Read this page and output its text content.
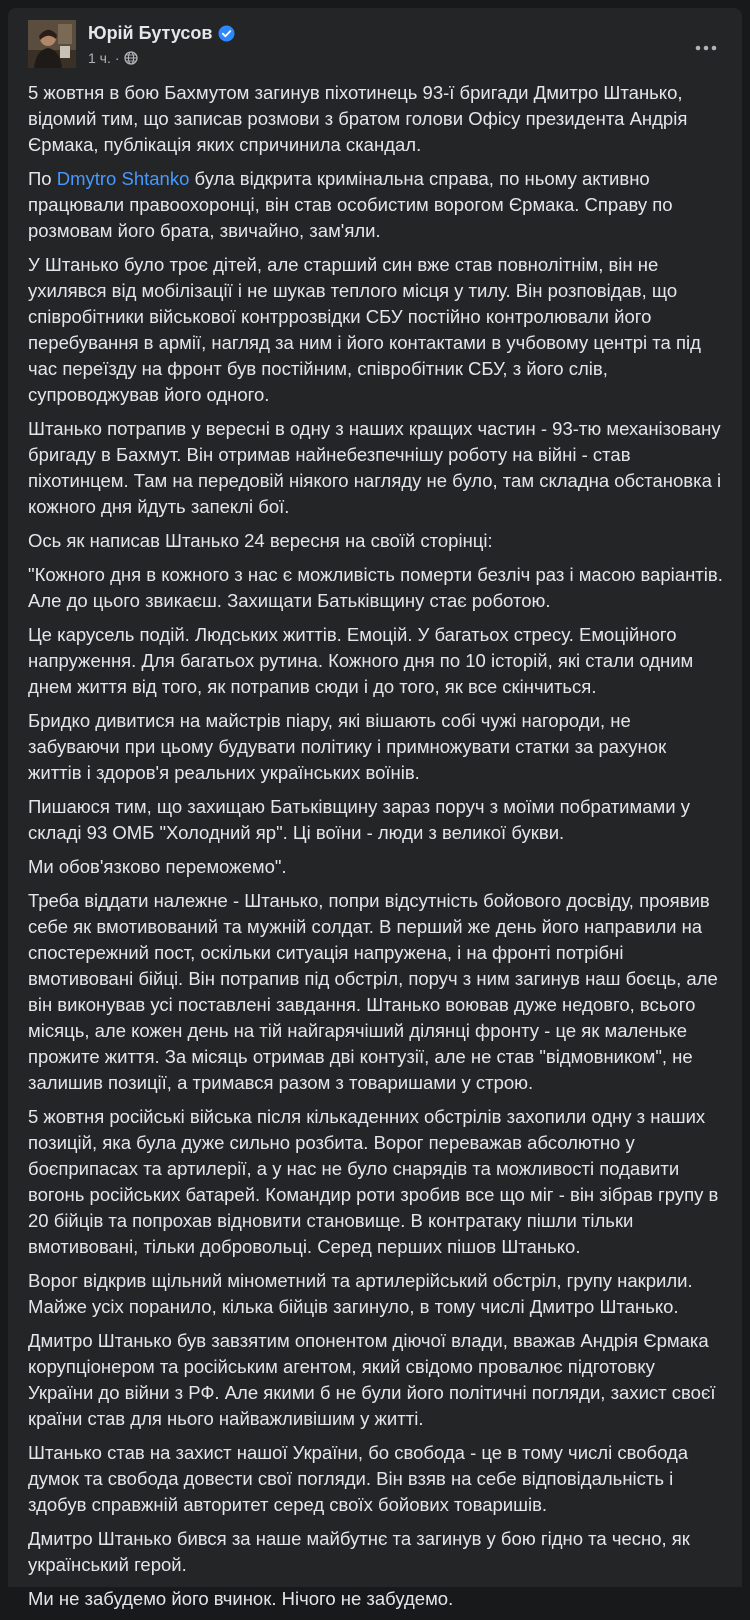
Юрій Бутусов
1 ч. ·

5 жовтня в бою Бахмутом загинув піхотинець 93-ї бригади Дмитро Штанько, відомий тим, що записав розмови з братом голови Офісу президента Андрія Єрмака, публікація яких спричинила скандал.

По Dmytro Shtanko була відкрита кримінальна справа, по ньому активно працювали правоохоронці, він став особистим ворогом Єрмака. Справу по розмовам його брата, звичайно, зам'яли.

У Штанько було троє дітей, але старший син вже став повнолітнім, він не ухилявся від мобілізації і не шукав теплого місця у тилу. Він розповідав, що співробітники військової контррозвідки СБУ постійно контролювали його перебування в армії, нагляд за ним і його контактами в учбовому центрі та під час переїзду на фронт був постійним, співробітник СБУ, з його слів, супроводжував його одного.

Штанько потрапив у вересні в одну з наших кращих частин - 93-тю механізовану бригаду в Бахмут. Він отримав найнебезпечнішу роботу на війні - став піхотинцем. Там на передовій ніякого нагляду не було, там складна обстановка і кожного дня йдуть запеклі бої.

Ось як написав Штанько 24 вересня на своїй сторінці:

"Кожного дня в кожного з нас є можливість померти безліч раз і масою варіантів. Але до цього звикаєш. Захищати Батьківщину стає роботою.

Це карусель подій. Людських життів. Емоцій. У багатьох стресу. Емоційного напруження. Для багатьох рутина. Кожного дня по 10 історій, які стали одним днем життя від того, як потрапив сюди і до того, як все скінчиться.

Бридко дивитися на майстрів піару, які вішають собі чужі нагороди, не забуваючи при цьому будувати політику і примножувати статки за рахунок життів і здоров'я реальних українських воїнів.

Пишаюся тим, що захищаю Батьківщину зараз поруч з моїми побратимами у складі 93 ОМБ "Холодний яр". Ці воїни - люди з великої букви.

Ми обов'язково переможемо".

Треба віддати належне - Штанько, попри відсутність бойового досвіду, проявив себе як вмотивований та мужній солдат. В перший же день його направили на спостережний пост, оскільки ситуація напружена, і на фронті потрібні вмотивовані бійці. Він потрапив під обстріл, поруч з ним загинув наш боєць, але він виконував усі поставлені завдання. Штанько воював дуже недовго, всього місяць, але кожен день на тій найгарячіший ділянці фронту - це як маленьке прожите життя. За місяць отримав дві контузії, але не став "відмовником", не залишив позиції, а тримався разом з товаришами у строю.

5 жовтня російські війська після кількаденних обстрілів захопили одну з наших позицій, яка була дуже сильно розбита. Ворог переважав абсолютно у боєприпасах та артилерії, а у нас не було снарядів та можливості подавити вогонь російських батарей. Командир роти зробив все що міг - він зібрав групу в 20 бійців та попрохав відновити становище. В контратаку пішли тільки вмотивовані, тільки добровольці. Серед перших пішов Штанько.

Ворог відкрив щільний мінометний та артилерійський обстріл, групу накрили. Майже усіх поранило, кілька бійців загинуло, в тому числі Дмитро Штанько.

Дмитро Штанько був завзятим опонентом діючої влади, вважав Андрія Єрмака корупціонером та російським агентом, який свідомо провалює підготовку України до війни з РФ. Але якими б не були його політичні погляди, захист своєї країни став для нього найважливішим у житті.

Штанько став на захист нашої України, бо свобода - це в тому числі свобода думок та свобода довести свої погляди. Він взяв на себе відповідальність і здобув справжній авторитет серед своїх бойових товаришів.

Дмитро Штанько бився за наше майбутнє та загинув у бою гідно та чесно, як український герой.

Ми не забудемо його вчинок. Нічого не забудемо.
